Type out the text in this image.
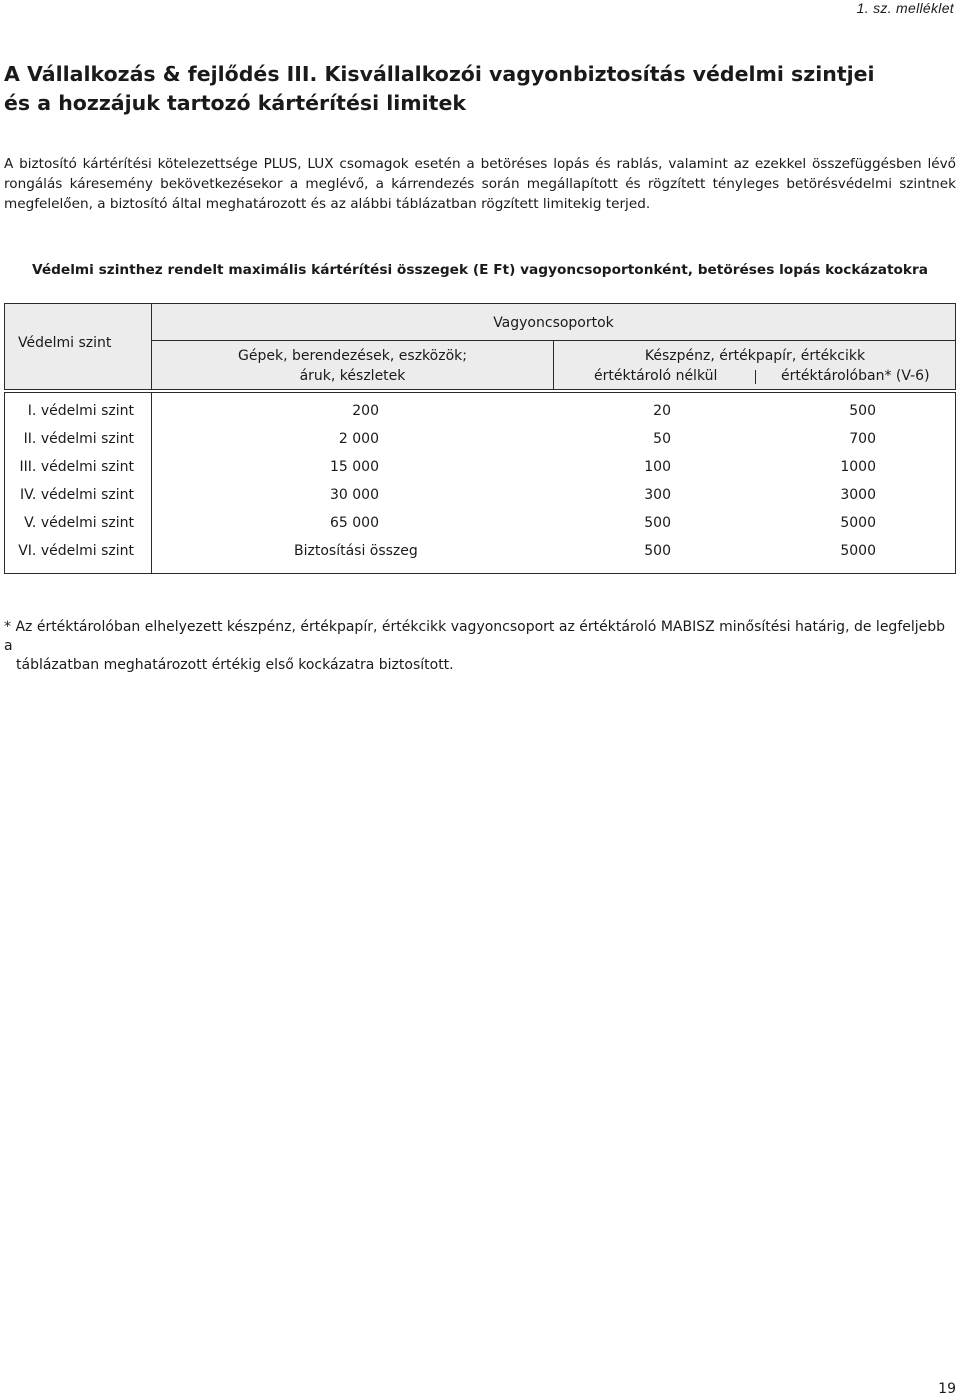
1. sz. melléklet
A Vállalkozás & fejlődés III. Kisvállalkozói vagyonbiztosítás védelmi szintjei
és a hozzájuk tartozó kártérítési limitek
A biztosító kártérítési kötelezettsége PLUS, LUX csomagok esetén a betöréses lopás és rablás, valamint az ezekkel összefüggésben lévő rongálás káresemény bekövetkezésekor a meglévő, a kárrendezés során megállapított és rögzített tényleges betörésvédelmi szintnek megfelelően, a biztosító által meghatározott és az alábbi táblázatban rögzített limitekig terjed.
Védelmi szinthez rendelt maximális kártérítési összegek (E Ft) vagyoncsoportonként, betöréses lopás kockázatokra
Védelmi szint
Vagyoncsoportok
Gépek, berendezések, eszközök;
áruk, készletek
Készpénz, értékpapír, értékcikk
értéktároló nélkül	értéktárolóban* (V-6)
I. védelmi szint	200	20	500
II. védelmi szint	2 000	50	700
III. védelmi szint	15 000	100	1000
IV. védelmi szint	30 000	300	3000
V. védelmi szint	65 000	500	5000
VI. védelmi szint	Biztosítási összeg	500	5000
* Az értéktárolóban elhelyezett készpénz, értékpapír, értékcikk vagyoncsoport az értéktároló MABISZ minősítési határig, de legfeljebb a
táblázatban meghatározott értékig első kockázatra biztosított.
19
